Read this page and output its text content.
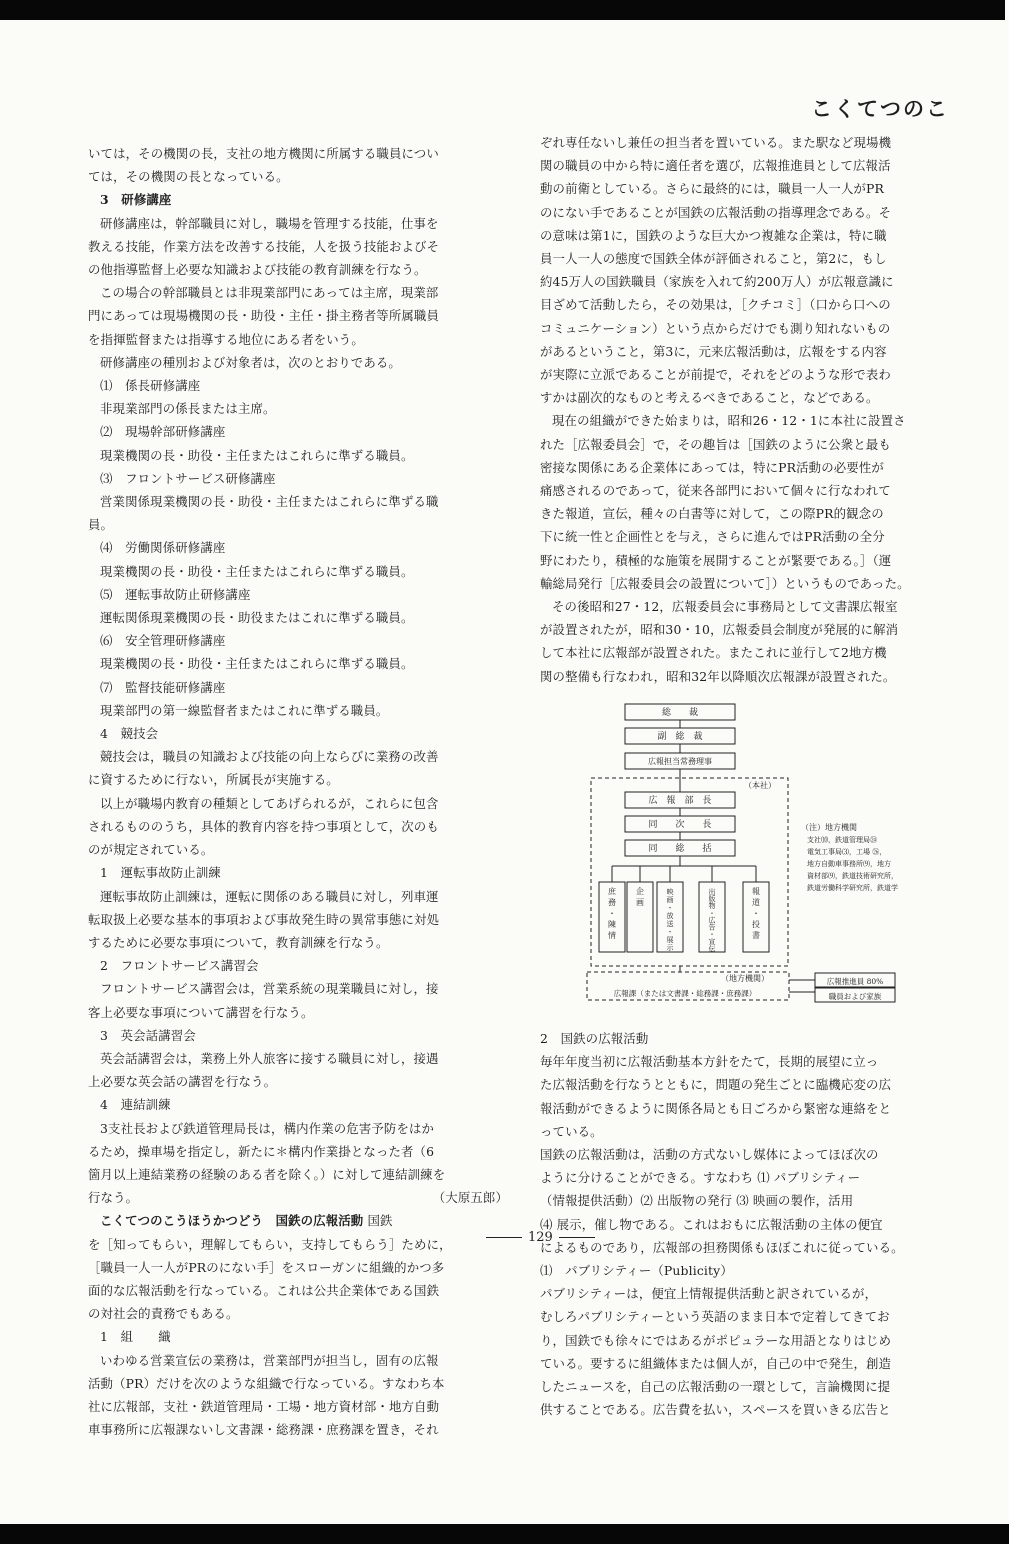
こくてつのこ

いては，その機関の長，支社の地方機関に所属する職員につい

ては，その機関の長となっている。

3　研修講座

研修講座は，幹部職員に対し，職場を管理する技能，仕事を

教える技能，作業方法を改善する技能，人を扱う技能およびそ

の他指導監督上必要な知識および技能の教育訓練を行なう。

この場合の幹部職員とは非現業部門にあっては主席，現業部

門にあっては現場機関の長・助役・主任・掛主務者等所属職員

を指揮監督または指導する地位にある者をいう。

研修講座の種別および対象者は，次のとおりである。

⑴　係長研修講座

非現業部門の係長または主席。

⑵　現場幹部研修講座

現業機関の長・助役・主任またはこれらに準ずる職員。

⑶　フロントサービス研修講座

営業関係現業機関の長・助役・主任またはこれらに準ずる職

員。

⑷　労働関係研修講座

現業機関の長・助役・主任またはこれらに準ずる職員。

⑸　運転事故防止研修講座

運転関係現業機関の長・助役またはこれに準ずる職員。

⑹　安全管理研修講座

現業機関の長・助役・主任またはこれらに準ずる職員。

⑺　監督技能研修講座

現業部門の第一線監督者またはこれに準ずる職員。

4　競技会

競技会は，職員の知識および技能の向上ならびに業務の改善

に資するために行ない，所属長が実施する。

以上が職場内教育の種類としてあげられるが，これらに包含

されるもののうち，具体的教育内容を持つ事項として，次のも

のが規定されている。

1　運転事故防止訓練

運転事故防止訓練は，運転に関係のある職員に対し，列車運

転取扱上必要な基本的事項および事故発生時の異常事態に対処

するために必要な事項について，教育訓練を行なう。

2　フロントサービス講習会

フロントサービス講習会は，営業系統の現業職員に対し，接

客上必要な事項について講習を行なう。

3　英会話講習会

英会話講習会は，業務上外人旅客に接する職員に対し，接遇

上必要な英会話の講習を行なう。

4　連結訓練

3支社長および鉄道管理局長は，構内作業の危害予防をはか

るため，操車場を指定し，新たに＊構内作業掛となった者（6

箇月以上連結業務の経験のある者を除く。）に対して連結訓練を

行なう。	（大原五郎）

こくてつのこうほうかつどう　国鉄の広報活動 国鉄

を［知ってもらい，理解してもらい，支持してもらう］ために，

［職員一人一人がPRのにない手］をスローガンに組織的かつ多

面的な広報活動を行なっている。これは公共企業体である国鉄

の対社会的責務でもある。

1　組　　織

いわゆる営業宣伝の業務は，営業部門が担当し，固有の広報

活動（PR）だけを次のような組織で行なっている。すなわち本

社に広報部，支社・鉄道管理局・工場・地方資材部・地方自動

車事務所に広報課ないし文書課・総務課・庶務課を置き，それ

ぞれ専任ないし兼任の担当者を置いている。また駅など現場機

関の職員の中から特に適任者を選び，広報推進員として広報活

動の前衛としている。さらに最終的には，職員一人一人がPR

のにない手であることが国鉄の広報活動の指導理念である。そ

の意味は第1に，国鉄のような巨大かつ複雑な企業は，特に職

員一人一人の態度で国鉄全体が評価されること，第2に，もし

約45万人の国鉄職員（家族を入れて約200万人）が広報意識に

目ざめて活動したら，その効果は，［クチコミ］（口から口への

コミュニケーション）という点からだけでも測り知れないもの

があるということ，第3に，元来広報活動は，広報をする内容

が実際に立派であることが前提で，それをどのような形で表わ

すかは副次的なものと考えるべきであること，などである。

現在の組織ができた始まりは，昭和26・12・1に本社に設置さ

れた［広報委員会］で，その趣旨は［国鉄のように公衆と最も

密接な関係にある企業体にあっては，特にPR活動の必要性が

痛感されるのであって，従来各部門において個々に行なわれて

きた報道，宣伝，種々の白書等に対して，この際PR的観念の

下に統一性と企画性とを与え，さらに進んではPR活動の全分

野にわたり，積極的な施策を展開することが緊要である。］（運

輸総局発行［広報委員会の設置について］）というものであった。

その後昭和27・12，広報委員会に事務局として文書課広報室

が設置されたが，昭和30・10，広報委員会制度が発展的に解消

して本社に広報部が設置された。またこれに並行して2地方機

関の整備も行なわれ，昭和32年以降順次広報課が設置された。

総　　裁
副　総　裁
広報担当常務理事
（本社）
広　報　部　長
同　　次　　長
同　　総　　括
（地方機関）
広報課（または文書課・総務課・庶務課）
広報推進員 80%
職員および家族
庶務・陳情
企画
映画・放送・展示
出版物・広告・宣伝
報道・投書
（注）地方機関
支社⑽，鉄道管理局㉔
電気工事局⑶，工場 ㉖，
地方自動車事務所⑼，地方
資材部⑼，鉄道技術研究所，
鉄道労働科学研究所，鉄道学

2　国鉄の広報活動

毎年年度当初に広報活動基本方針をたて，長期的展望に立っ

た広報活動を行なうとともに，問題の発生ごとに臨機応変の広

報活動ができるように関係各局とも日ごろから緊密な連絡をと

っている。

国鉄の広報活動は，活動の方式ないし媒体によってほぼ次の

ように分けることができる。すなわち ⑴ パブリシティー

（情報提供活動）⑵ 出版物の発行 ⑶ 映画の製作，活用

⑷ 展示，催し物である。これはおもに広報活動の主体の便宜

によるものであり，広報部の担務関係もほぼこれに従っている。

⑴　パブリシティー（Publicity）

パブリシティーは，便宜上情報提供活動と訳されているが，

むしろパブリシティーという英語のまま日本で定着してきてお

り，国鉄でも徐々にではあるがポピュラーな用語となりはじめ

ている。要するに組織体または個人が，自己の中で発生，創造

したニュースを，自己の広報活動の一環として，言論機関に提

供することである。広告費を払い，スペースを買いきる広告と

129
